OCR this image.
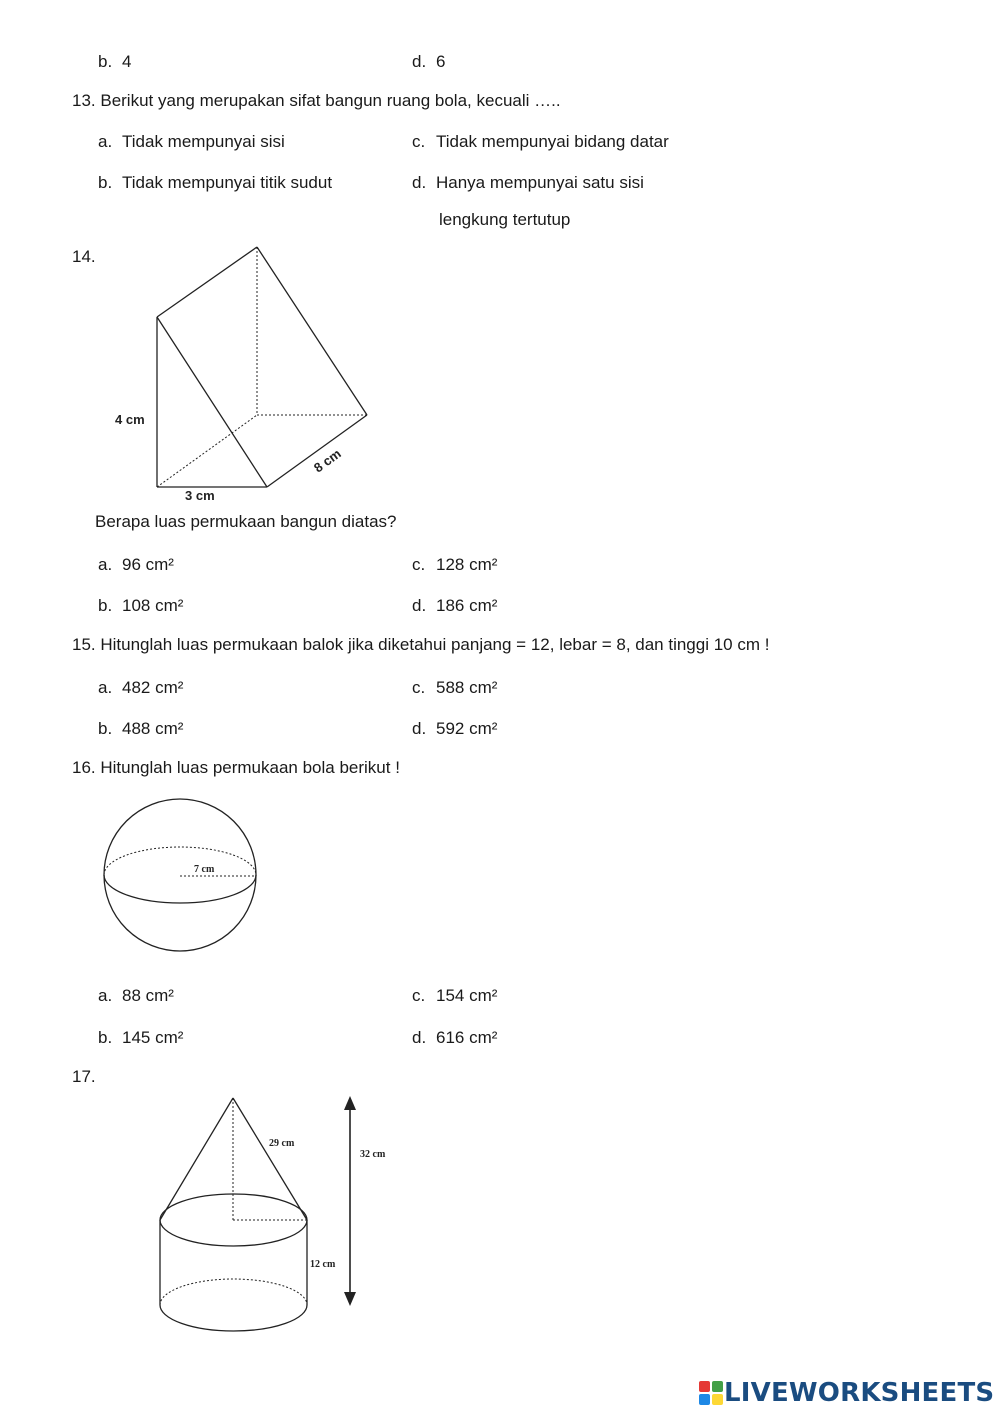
b. 4	d. 6
13. Berikut yang merupakan sifat bangun ruang bola, kecuali …..
a. Tidak mempunyai sisi	c. Tidak mempunyai bidang datar
b. Tidak mempunyai titik sudut	d. Hanya mempunyai satu sisi
lengkung tertutup
14.
4 cm
3 cm
8 cm
Berapa luas permukaan bangun diatas?
a. 96 cm²	c. 128 cm²
b. 108 cm²	d. 186 cm²
15. Hitunglah luas permukaan balok jika diketahui panjang = 12, lebar = 8, dan tinggi 10 cm !
a. 482 cm²	c. 588 cm²
b. 488 cm²	d. 592 cm²
16. Hitunglah luas permukaan bola berikut !
7 cm
a. 88 cm²	c. 154 cm²
b. 145 cm²	d. 616 cm²
17.
29 cm
32 cm
12 cm
LIVEWORKSHEETS
